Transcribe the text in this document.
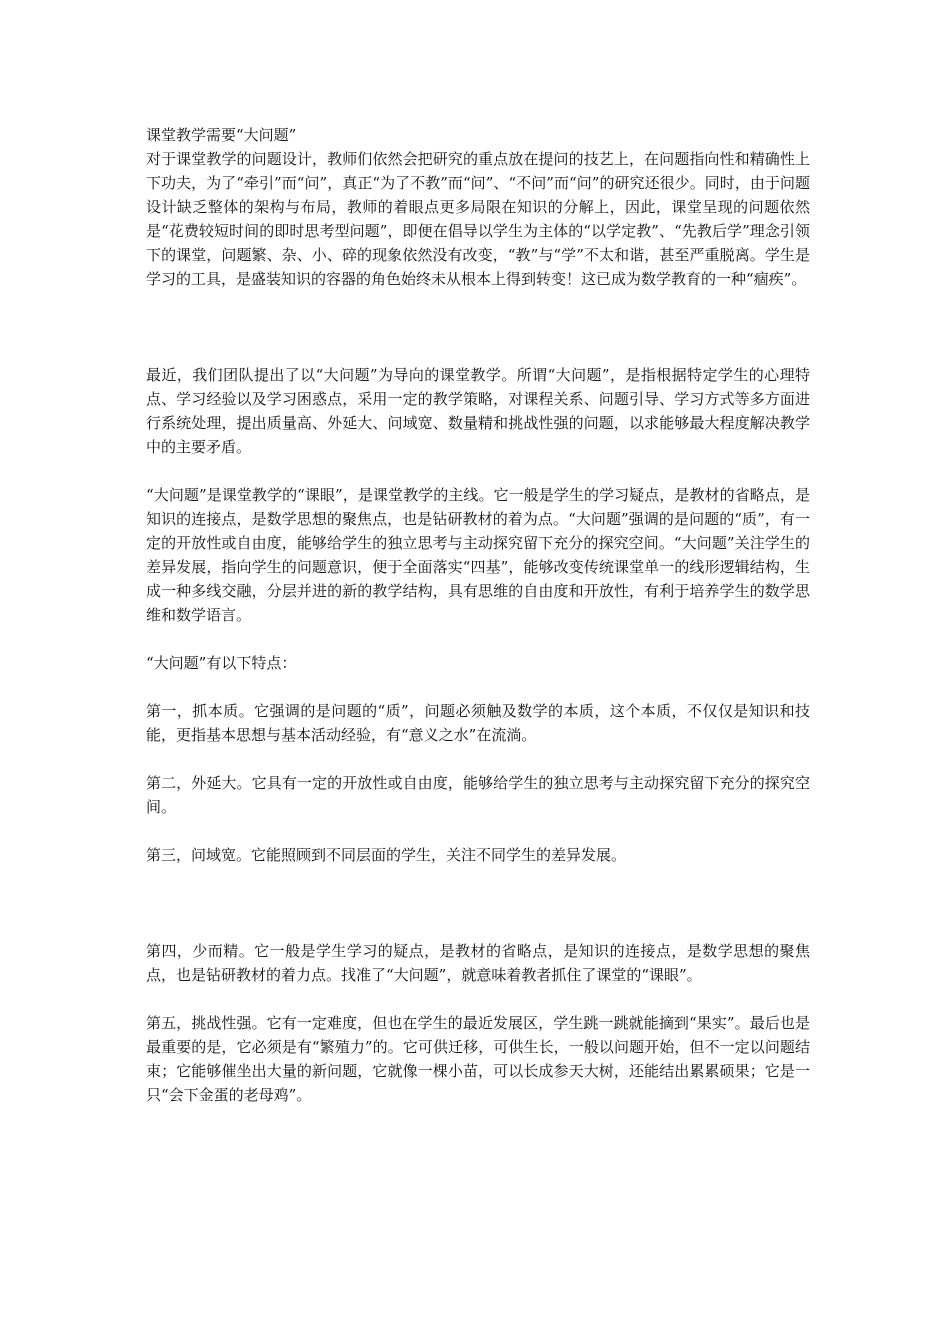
课堂教学需要“大问题”

对于课堂教学的问题设计，教师们依然会把研究的重点放在提问的技艺上，在问题指向性和精确性上下功夫，为了“牵引”而“问”，真正“为了不教”而“问”、“不问”而“问”的研究还很少。同时，由于问题设计缺乏整体的架构与布局，教师的着眼点更多局限在知识的分解上，因此，课堂呈现的问题依然是“花费较短时间的即时思考型问题”，即便在倡导以学生为主体的“以学定教”、“先教后学”理念引领下的课堂，问题繁、杂、小、碎的现象依然没有改变，“教”与“学”不太和谐，甚至严重脱离。学生是学习的工具，是盛装知识的容器的角色始终未从根本上得到转变！这已成为数学教育的一种“痼疾”。

最近，我们团队提出了以“大问题”为导向的课堂教学。所谓“大问题”，是指根据特定学生的心理特点、学习经验以及学习困惑点，采用一定的教学策略，对课程关系、问题引导、学习方式等多方面进行系统处理，提出质量高、外延大、问域宽、数量精和挑战性强的问题，以求能够最大程度解决教学中的主要矛盾。

“大问题”是课堂教学的“课眼”，是课堂教学的主线。它一般是学生的学习疑点，是教材的省略点，是知识的连接点，是数学思想的聚焦点，也是钻研教材的着为点。“大问题”强调的是问题的“质”，有一定的开放性或自由度，能够给学生的独立思考与主动探究留下充分的探究空间。“大问题”关注学生的差异发展，指向学生的问题意识，便于全面落实“四基”，能够改变传统课堂单一的线形逻辑结构，生成一种多线交融，分层并进的新的教学结构，具有思维的自由度和开放性，有利于培养学生的数学思维和数学语言。

“大问题”有以下特点：

第一，抓本质。它强调的是问题的“质”，问题必须触及数学的本质，这个本质，不仅仅是知识和技能，更指基本思想与基本活动经验，有“意义之水”在流淌。

第二，外延大。它具有一定的开放性或自由度，能够给学生的独立思考与主动探究留下充分的探究空间。

第三，问域宽。它能照顾到不同层面的学生，关注不同学生的差异发展。

第四，少而精。它一般是学生学习的疑点，是教材的省略点，是知识的连接点，是数学思想的聚焦点，也是钻研教材的着力点。找准了“大问题”，就意味着教者抓住了课堂的“课眼”。

第五，挑战性强。它有一定难度，但也在学生的最近发展区，学生跳一跳就能摘到“果实”。最后也是最重要的是，它必须是有“繁殖力”的。它可供迁移，可供生长，一般以问题开始，但不一定以问题结束；它能够催坐出大量的新问题，它就像一棵小苗，可以长成参天大树，还能结出累累硕果；它是一只“会下金蛋的老母鸡”。
